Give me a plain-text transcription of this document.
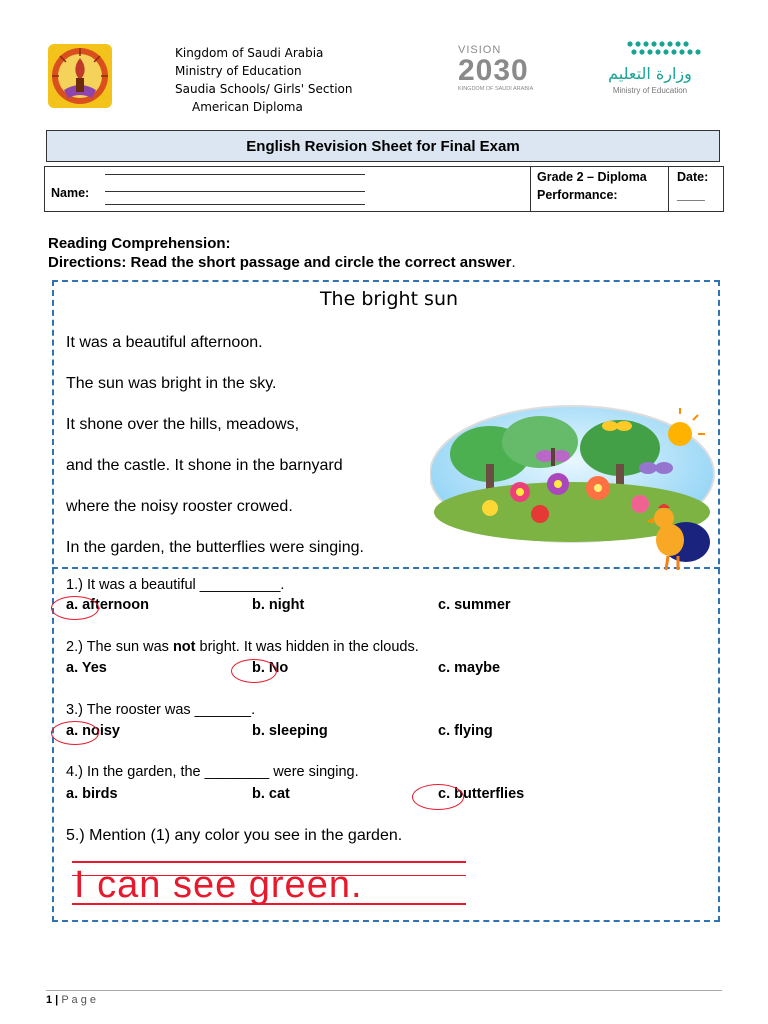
Kingdom of Saudi Arabia
Ministry of Education
Saudia Schools/ Girls' Section
American Diploma
VISION
2030
KINGDOM OF SAUDI ARABIA
وزارة التعليم
Ministry of Education
English Revision Sheet for Final Exam
Name:
Grade 2 – Diploma
Performance:
Date:
____
Reading Comprehension:
Directions: Read the short passage and circle the correct answer.
The bright sun
It was a beautiful afternoon.
The sun was bright in the sky.
It shone over the hills, meadows,
and the castle. It shone in the barnyard
where the noisy rooster crowed.
In the garden, the butterflies were singing.
1.) It was a beautiful __________.
a. afternoon	b. night	c. summer
2.) The sun was not bright. It was hidden in the clouds.
a. Yes	b. No	c. maybe
3.) The rooster was _______.
a. noisy	b. sleeping	c. flying
4.) In the garden, the ________ were singing.
a. birds	b. cat	c. butterflies
5.) Mention (1) any color you see in the garden.
I can see green.
1 | P a g e
